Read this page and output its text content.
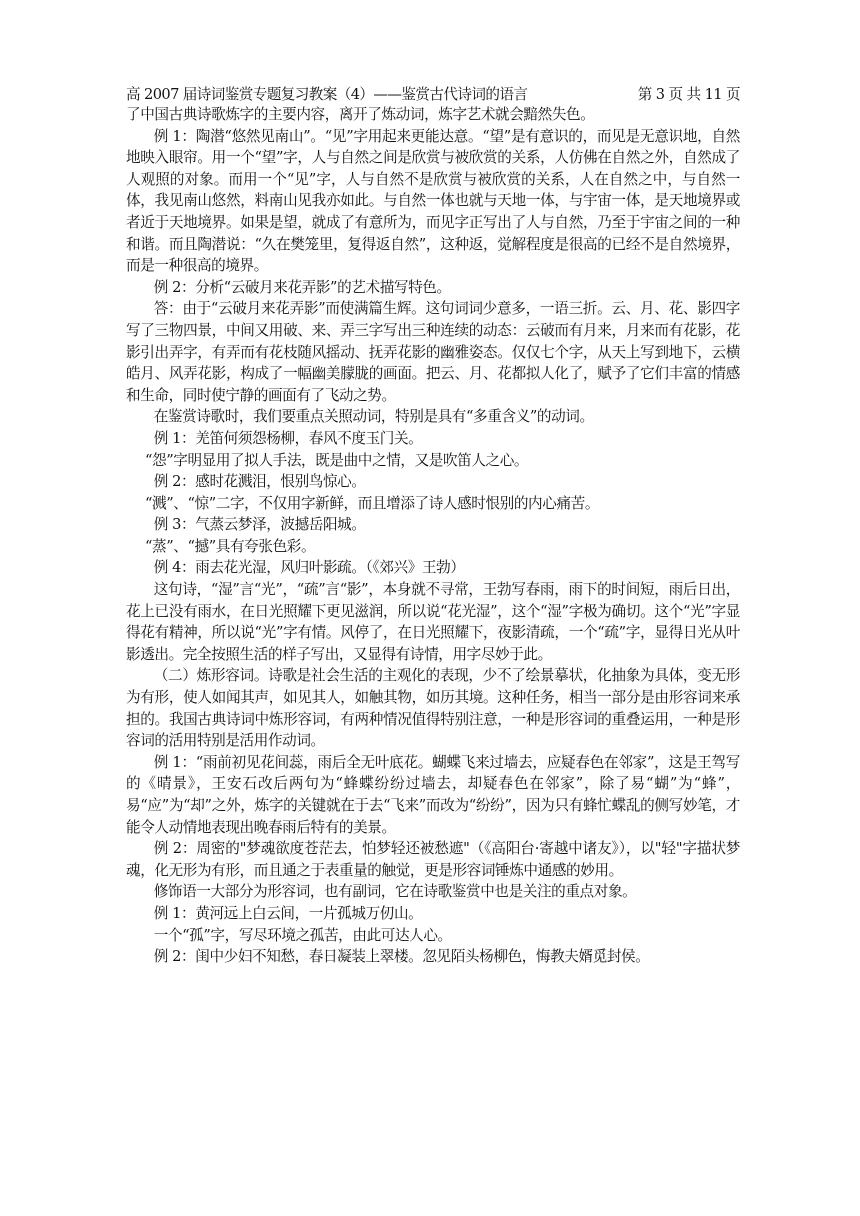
高 2007 届诗词鉴赏专题复习教案（4）——鉴赏古代诗词的语言	第 3 页 共 11 页

了中国古典诗歌炼字的主要内容，离开了炼动词，炼字艺术就会黯然失色。

例 1：陶潜“悠然见南山”。“见”字用起来更能达意。“望”是有意识的，而见是无意识地，自然地映入眼帘。用一个“望”字，人与自然之间是欣赏与被欣赏的关系，人仿佛在自然之外，自然成了人观照的对象。而用一个“见”字，人与自然不是欣赏与被欣赏的关系，人在自然之中，与自然一体，我见南山悠然，料南山见我亦如此。与自然一体也就与天地一体，与宇宙一体，是天地境界或者近于天地境界。如果是望，就成了有意所为，而见字正写出了人与自然，乃至于宇宙之间的一种和谐。而且陶潜说：“久在樊笼里，复得返自然”，这种返，觉解程度是很高的已经不是自然境界，而是一种很高的境界。

例 2：分析“云破月来花弄影”的艺术描写特色。

答：由于“云破月来花弄影”而使满篇生辉。这句词词少意多，一语三折。云、月、花、影四字写了三物四景，中间又用破、来、弄三字写出三种连续的动态：云破而有月来，月来而有花影，花影引出弄字，有弄而有花枝随风摇动、抚弄花影的幽雅姿态。仅仅七个字，从天上写到地下，云横皓月、风弄花影，构成了一幅幽美朦胧的画面。把云、月、花都拟人化了，赋予了它们丰富的情感和生命，同时使宁静的画面有了飞动之势。

在鉴赏诗歌时，我们要重点关照动词，特别是具有“多重含义”的动词。

例 1：羌笛何须怨杨柳，春风不度玉门关。

“怨”字明显用了拟人手法，既是曲中之情，又是吹笛人之心。

例 2：感时花溅泪，恨别鸟惊心。

“溅”、“惊”二字，不仅用字新鲜，而且增添了诗人感时恨别的内心痛苦。

例 3：气蒸云梦泽，波撼岳阳城。

“蒸”、“撼”具有夸张色彩。

例 4：雨去花光湿，风归叶影疏。（《郊兴》王勃）

这句诗，“湿”言“光”，“疏”言“影”，本身就不寻常，王勃写春雨，雨下的时间短，雨后日出，花上已没有雨水，在日光照耀下更见滋润，所以说“花光湿”，这个“湿”字极为确切。这个“光”字显得花有精神，所以说“光”字有情。风停了，在日光照耀下，夜影清疏，一个“疏”字，显得日光从叶影透出。完全按照生活的样子写出，又显得有诗情，用字尽妙于此。

（二）炼形容词。诗歌是社会生活的主观化的表现，少不了绘景摹状，化抽象为具体，变无形为有形，使人如闻其声，如见其人，如触其物，如历其境。这种任务，相当一部分是由形容词来承担的。我国古典诗词中炼形容词，有两种情况值得特别注意，一种是形容词的重叠运用，一种是形容词的活用特别是活用作动词。

例 1：“雨前初见花间蕊，雨后全无叶底花。蝴蝶飞来过墙去，应疑春色在邻家”，这是王驾写的《晴景》，王安石改后两句为“蜂蝶纷纷过墙去，却疑春色在邻家”，除了易“蝴”为“蜂”，易“应”为“却”之外，炼字的关键就在于去“飞来”而改为“纷纷”，因为只有蜂忙蝶乱的侧写妙笔，才能令人动情地表现出晚春雨后特有的美景。

例 2：周密的"梦魂欲度苍茫去，怕梦轻还被愁遮"（《高阳台·寄越中诸友》），以"轻"字描状梦魂，化无形为有形，而且通之于表重量的触觉，更是形容词锤炼中通感的妙用。

修饰语一大部分为形容词，也有副词，它在诗歌鉴赏中也是关注的重点对象。

例 1：黄河远上白云间，一片孤城万仞山。

一个“孤”字，写尽环境之孤苦，由此可达人心。

例 2：闺中少妇不知愁，春日凝装上翠楼。忽见陌头杨柳色，悔教夫婿觅封侯。
